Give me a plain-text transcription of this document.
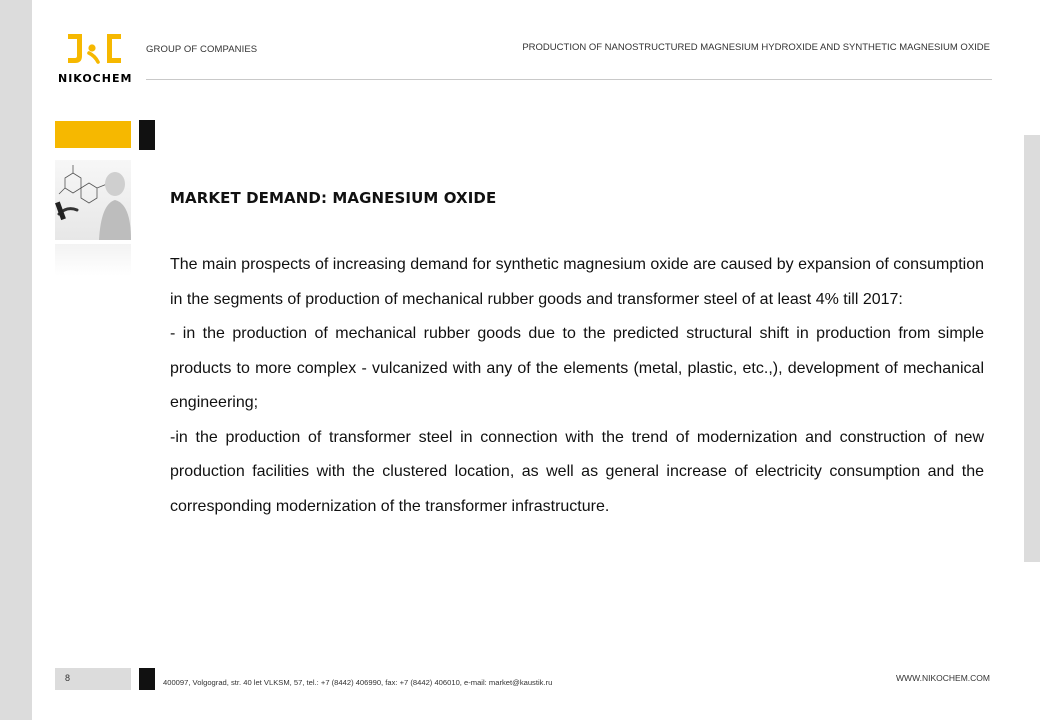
NIKOCHEM
GROUP OF COMPANIES	PRODUCTION OF NANOSTRUCTURED MAGNESIUM HYDROXIDE AND SYNTHETIC MAGNESIUM OXIDE
MARKET DEMAND: MAGNESIUM OXIDE

The main prospects of increasing demand for synthetic magnesium oxide are caused by expansion of consumption in the segments of production of mechanical rubber goods and transformer steel of at least 4% till 2017:

- in the production of mechanical rubber goods due to the predicted structural shift in production from simple products to more complex - vulcanized with any of the elements (metal, plastic, etc.,), development of mechanical engineering;

-in the production of transformer steel in connection with the trend of modernization and construction of new production facilities with the clustered location, as well as general increase of electricity consumption and the corresponding modernization of the transformer infrastructure.

8	400097, Volgograd, str. 40 let VLKSM, 57, tel.: +7 (8442) 406990, fax: +7 (8442) 406010, e-mail: market@kaustik.ru	WWW.NIKOCHEM.COM
